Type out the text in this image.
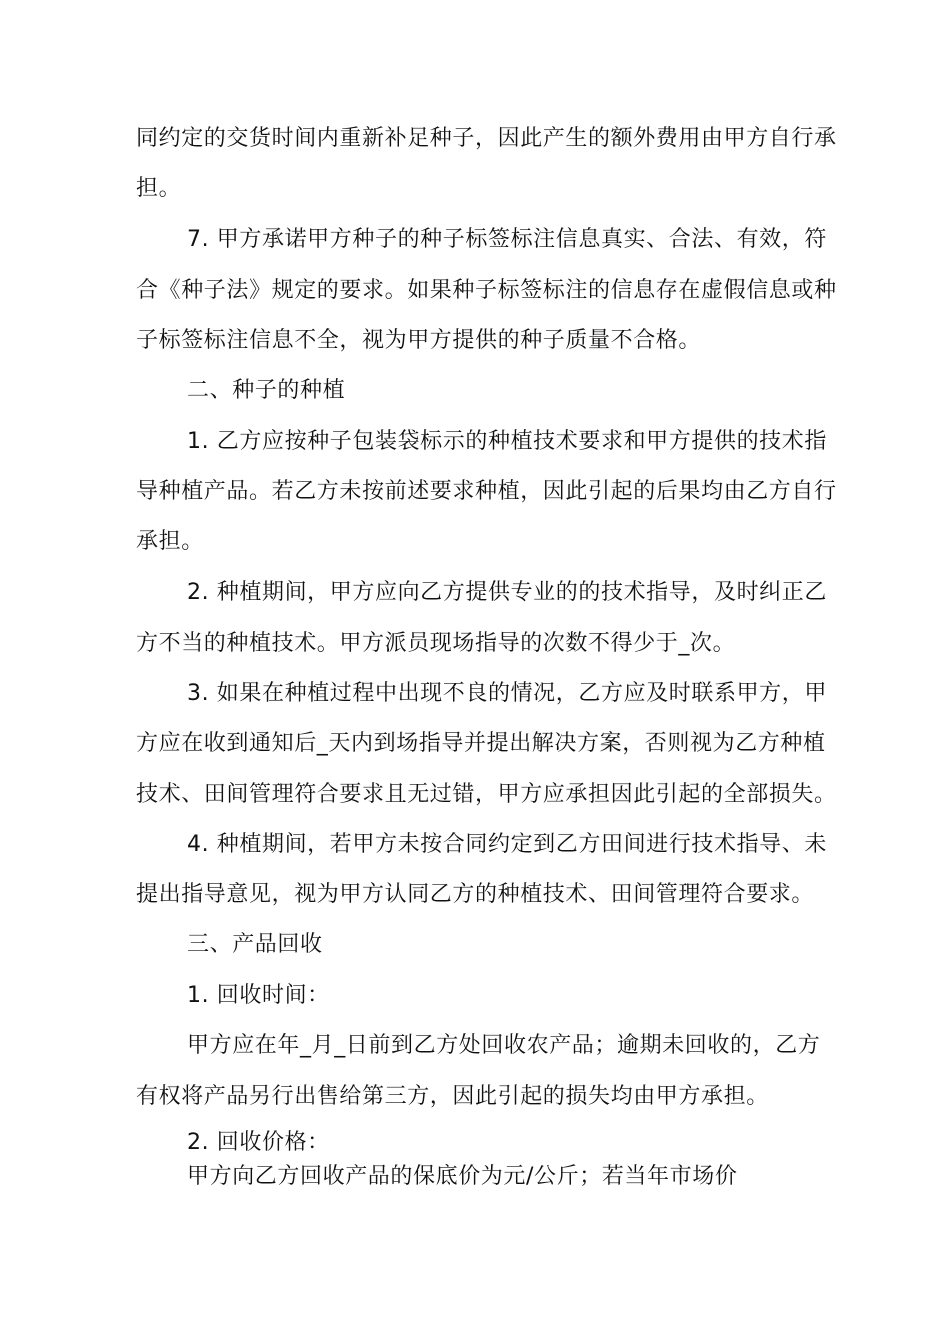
同约定的交货时间内重新补足种子，因此产生的额外费用由甲方自行承
担。
7. 甲方承诺甲方种子的种子标签标注信息真实、合法、有效，符
合《种子法》规定的要求。如果种子标签标注的信息存在虚假信息或种
子标签标注信息不全，视为甲方提供的种子质量不合格。
二、种子的种植
1. 乙方应按种子包装袋标示的种植技术要求和甲方提供的技术指
导种植产品。若乙方未按前述要求种植，因此引起的后果均由乙方自行
承担。
2. 种植期间，甲方应向乙方提供专业的的技术指导，及时纠正乙
方不当的种植技术。甲方派员现场指导的次数不得少于_次。
3. 如果在种植过程中出现不良的情况，乙方应及时联系甲方，甲
方应在收到通知后_天内到场指导并提出解决方案，否则视为乙方种植
技术、田间管理符合要求且无过错，甲方应承担因此引起的全部损失。
4. 种植期间，若甲方未按合同约定到乙方田间进行技术指导、未
提出指导意见，视为甲方认同乙方的种植技术、田间管理符合要求。
三、产品回收
1. 回收时间：
甲方应在年_月_日前到乙方处回收农产品；逾期未回收的，乙方
有权将产品另行出售给第三方，因此引起的损失均由甲方承担。
2. 回收价格：
甲方向乙方回收产品的保底价为元/公斤；若当年市场价
